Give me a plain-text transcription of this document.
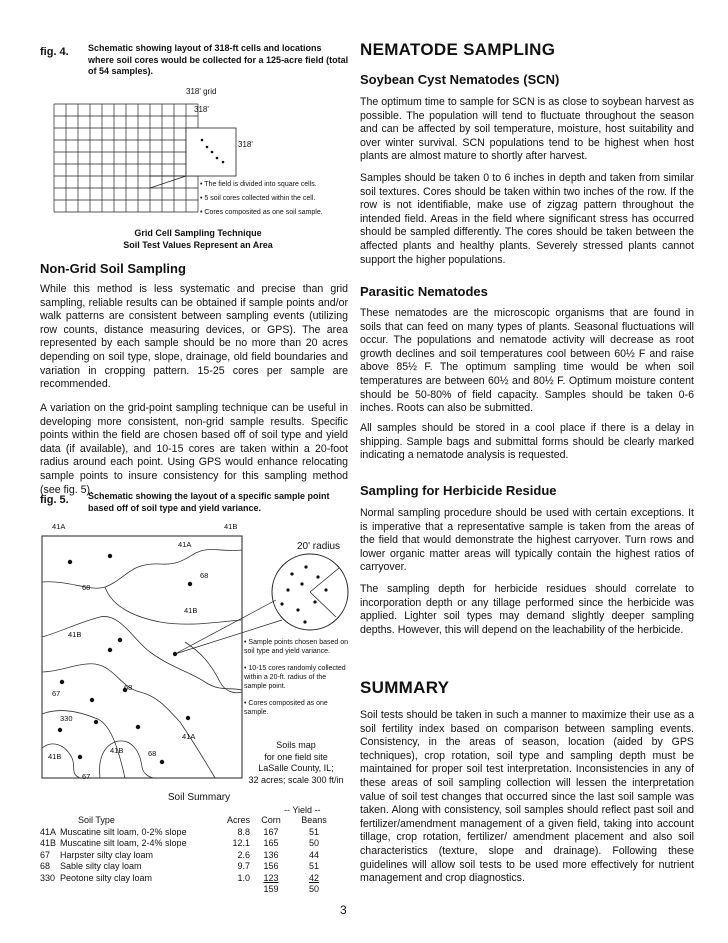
fig. 4. Schematic showing layout of 318-ft cells and locations where soil cores would be collected for a 125-acre field (total of 54 samples).
318' grid
318'
318'
• The field is divided into square cells.
• 5 soil cores collected within the cell.
• Cores composited as one soil sample.
Grid Cell Sampling Technique
Soil Test Values Represent an Area
Non-Grid Soil Sampling

While this method is less systematic and precise than grid sampling, reliable results can be obtained if sample points and/or walk patterns are consistent between sampling events (utilizing row counts, distance measuring devices, or GPS). The area represented by each sample should be no more than 20 acres depending on soil type, slope, drainage, old field boundaries and variation in cropping pattern. 15-25 cores per sample are recommended.

A variation on the grid-point sampling technique can be useful in developing more consistent, non-grid sample results. Specific points within the field are chosen based off of soil type and yield data (if available), and 10-15 cores are taken within a 20-foot radius around each point. Using GPS would enhance relocating sample points to insure consistency for this sampling method (see fig. 5).

fig. 5. Schematic showing the layout of a specific sample point based off of soil type and yield variance.
41A	41B
41A
68
68
41B
41B
68
67
330
41A
41B
41B	68
67
20' radius
• Sample points chosen based on soil type and yield variance.
• 10-15 cores randomly collected within a 20-ft. radius of the sample point.
• Cores composited as one sample.
Soils map
for one field site
LaSalle County, IL;
32 acres; scale 300 ft/in
Soil Summary
-- Yield --
	Soil Type	Acres	Corn	Beans
41A	Muscatine silt loam, 0-2% slope	8.8	167	51
41B	Muscatine silt loam, 2-4% slope	12.1	165	50
67	Harpster silty clay loam	2.6	136	44
68	Sable silty clay loam	9.7	156	51
330	Peotone silty clay loam	1.0	123	42
			159	50
NEMATODE SAMPLING
Soybean Cyst Nematodes (SCN)

The optimum time to sample for SCN is as close to soybean harvest as possible. The population will tend to fluctuate throughout the season and can be affected by soil temperature, moisture, host suitability and over winter survival. SCN populations tend to be highest when host plants are almost mature to shortly after harvest.

Samples should be taken 0 to 6 inches in depth and taken from similar soil textures. Cores should be taken within two inches of the row. If the row is not identifiable, make use of zigzag pattern throughout the intended field. Areas in the field where significant stress has occurred should be sampled differently. The cores should be taken between the affected plants and healthy plants. Severely stressed plants cannot support the higher populations.

Parasitic Nematodes

These nematodes are the microscopic organisms that are found in soils that can feed on many types of plants. Seasonal fluctuations will occur. The populations and nematode activity will decrease as root growth declines and soil temperatures cool between 60½ F and raise above 85½ F. The optimum sampling time would be when soil temperatures are between 60½ and 80½ F. Optimum moisture content should be 50-80% of field capacity. Samples should be taken 0-6 inches. Roots can also be submitted.

All samples should be stored in a cool place if there is a delay in shipping. Sample bags and submittal forms should be clearly marked indicating a nematode analysis is requested.

Sampling for Herbicide Residue

Normal sampling procedure should be used with certain exceptions. It is imperative that a representative sample is taken from the areas of the field that would demonstrate the highest carryover. Turn rows and lower organic matter areas will typically contain the highest ratios of carryover.

The sampling depth for herbicide residues should correlate to incorporation depth or any tillage performed since the herbicide was applied. Lighter soil types may demand slightly deeper sampling depths. However, this will depend on the leachability of the herbicide.

SUMMARY

Soil tests should be taken in such a manner to maximize their use as a soil fertility index based on comparison between sampling events. Consistency, in the areas of season, location (aided by GPS techniques), crop rotation, soil type and sampling depth must be maintained for proper soil test interpretation. Inconsistencies in any of these areas of soil sampling collection will lessen the interpretation value of soil test changes that occurred since the last soil sample was taken. Along with consistency, soil samples should reflect past soil and fertilizer/amendment management of a given field, taking into account tillage, crop rotation, fertilizer/ amendment placement and also soil characteristics (texture, slope and drainage). Following these guidelines will allow soil tests to be used more effectively for nutrient management and crop diagnostics.

3
